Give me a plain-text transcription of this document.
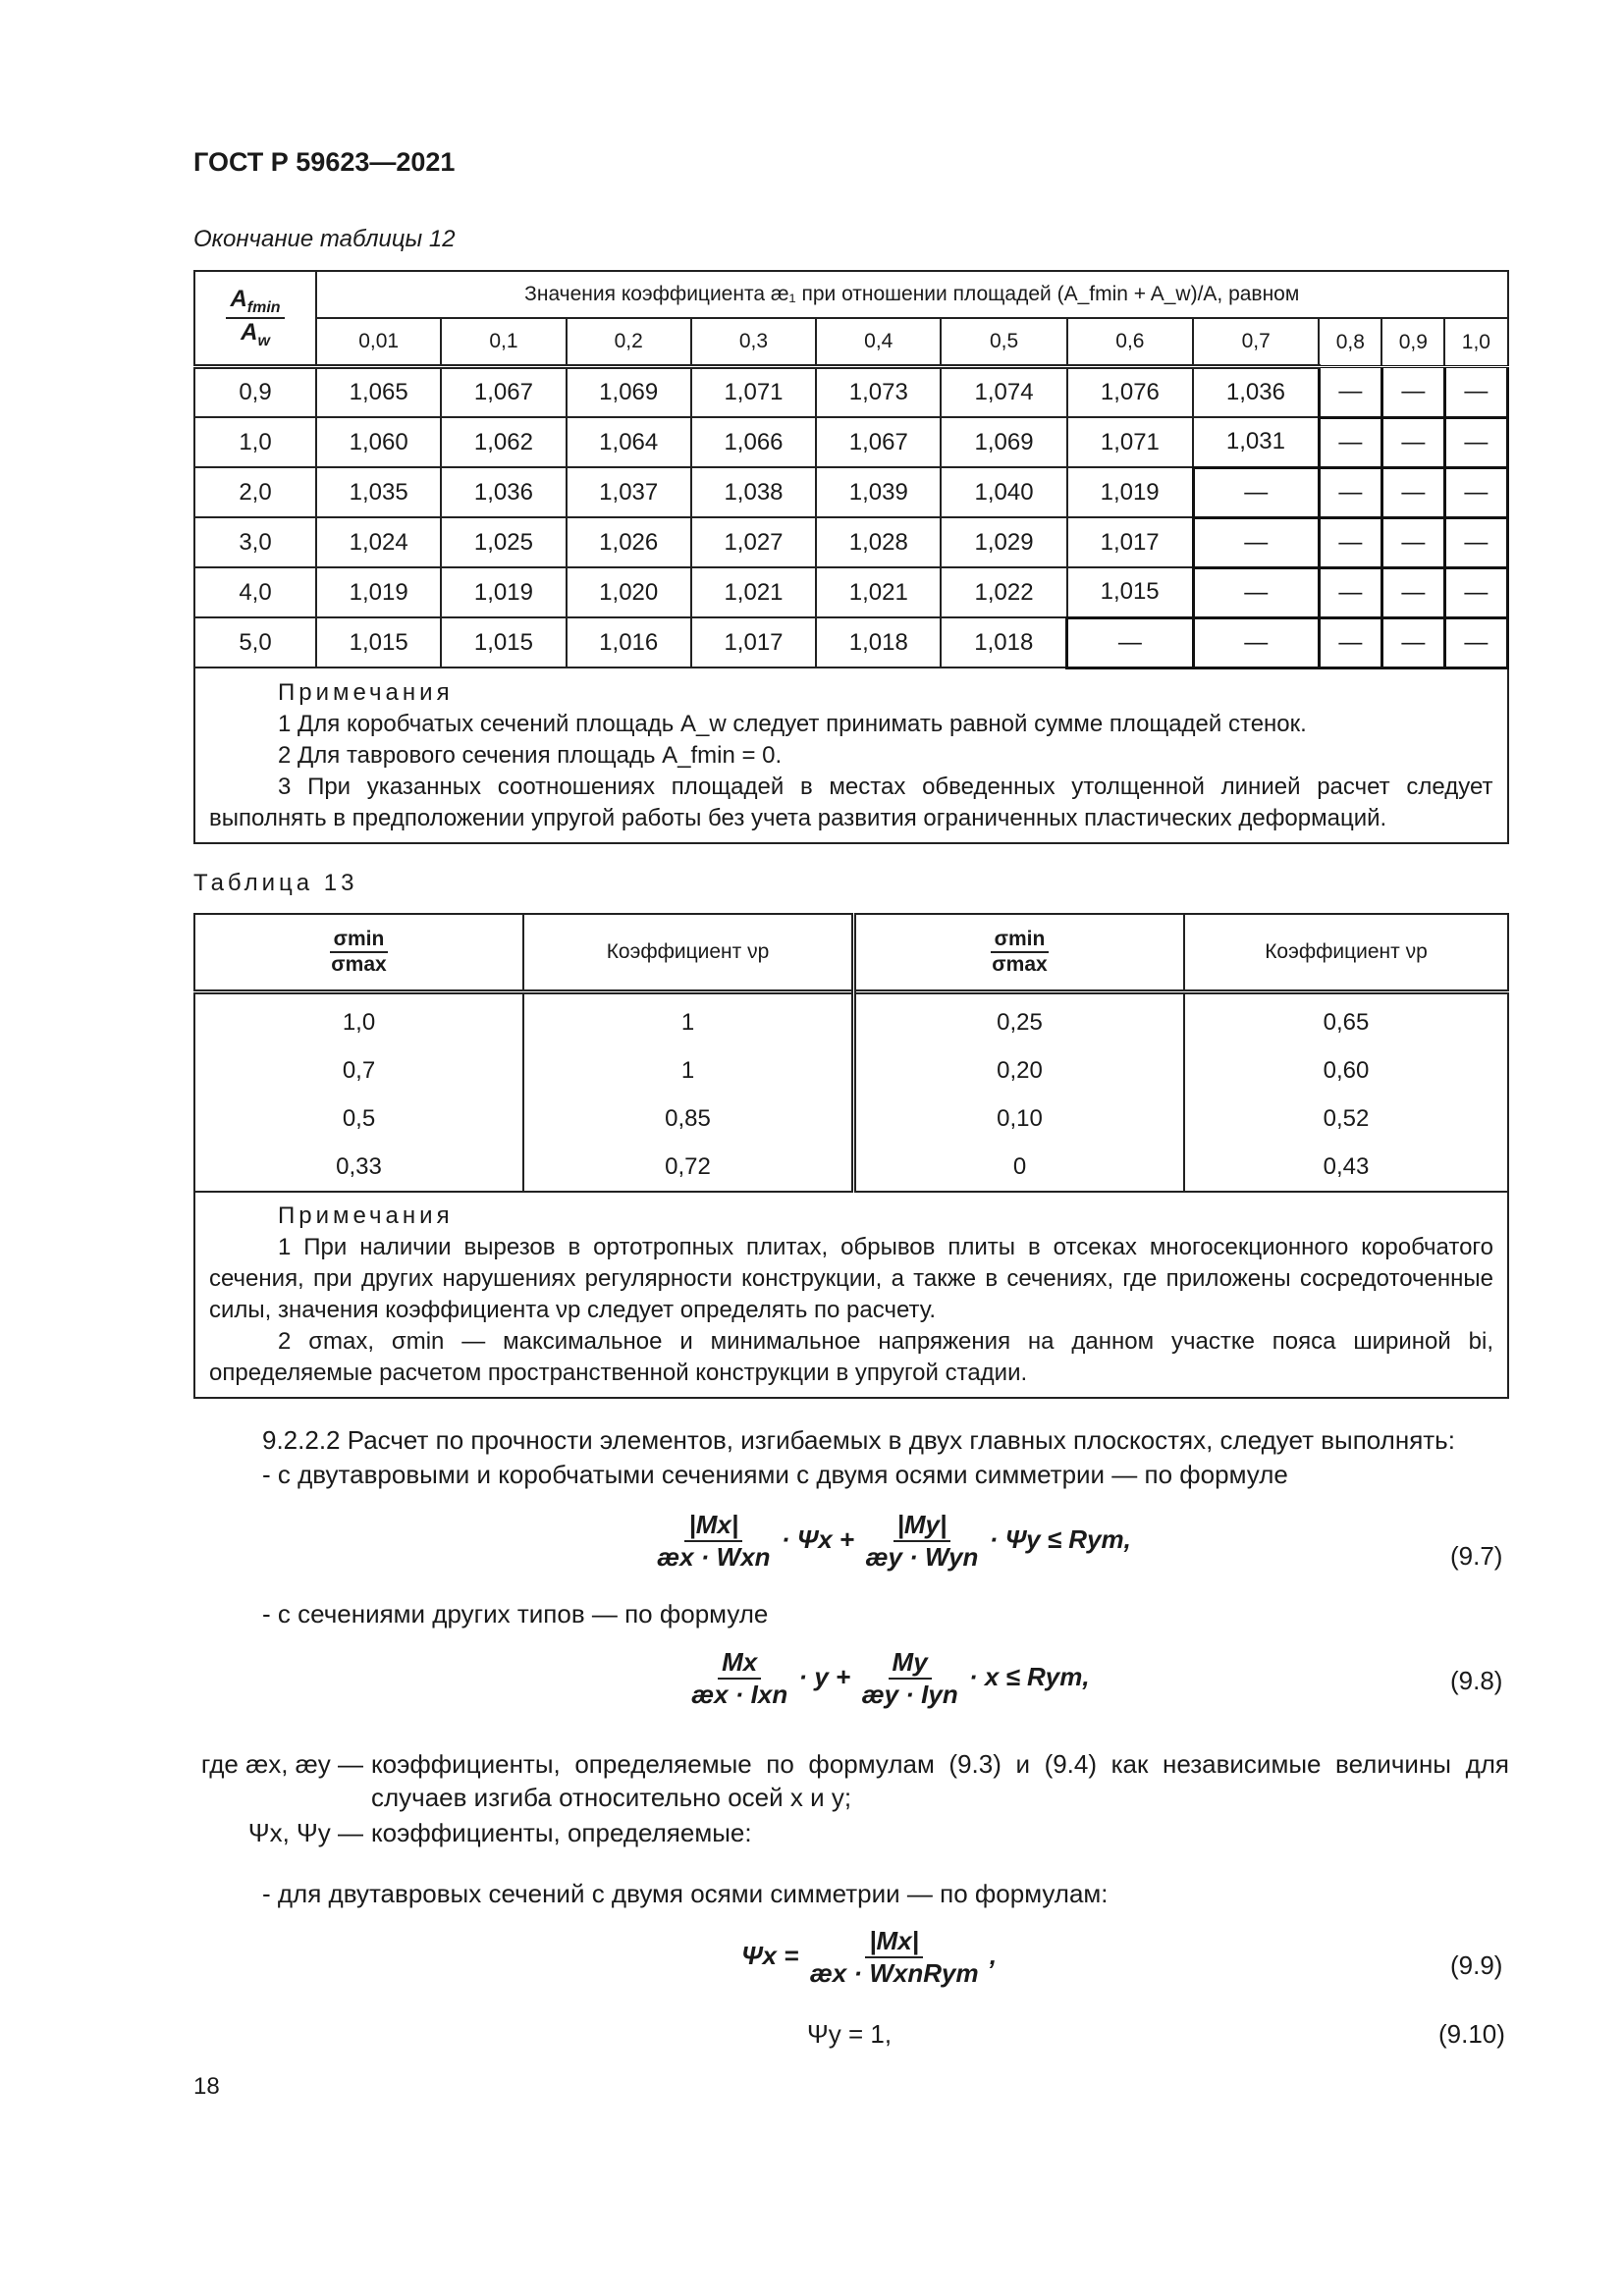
ГОСТ Р 59623—2021
Окончание таблицы 12
$\frac{A_{fmin}}{A_w}$	Значения коэффициента æ₁ при отношении площадей (A_fmin + A_w)/A, равном										
	0,01	0,1	0,2	0,3	0,4	0,5	0,6	0,7	0,8	0,9	1,0
0,9	1,065	1,067	1,069	1,071	1,073	1,074	1,076	1,036	—	—	—
1,0	1,060	1,062	1,064	1,066	1,067	1,069	1,071	1,031	—	—	—
2,0	1,035	1,036	1,037	1,038	1,039	1,040	1,019	—	—	—	—
3,0	1,024	1,025	1,026	1,027	1,028	1,029	1,017	—	—	—	—
4,0	1,019	1,019	1,020	1,021	1,021	1,022	1,015	—	—	—	—
5,0	1,015	1,015	1,016	1,017	1,018	1,018	—	—	—	—	—

Примечания
1 Для коробчатых сечений площадь A_w следует принимать равной сумме площадей стенок.
2 Для таврового сечения площадь A_fmin = 0.
3 При указанных соотношениях площадей в местах обведенных утолщенной линией расчет следует выполнять в предположении упругой работы без учета развития ограниченных пластических деформаций.											
Таблица 13
$\frac{\sigma\min}{\sigma\max}$	Коэффициент νp	$\frac{\sigma\min}{\sigma\max}$	Коэффициент νp
1,0	1	0,25	0,65
0,7	1	0,20	0,60
0,5	0,85	0,10	0,52
0,33	0,72	0	0,43

Примечания
1 При наличии вырезов в ортотропных плитах, обрывов плиты в отсеках многосекционного коробчатого сечения, при других нарушениях регулярности конструкции, а также в сечениях, где приложены сосредоточенные силы, значения коэффициента νp следует определять по расчету.
2 σmax, σmin — максимальное и минимальное напряжения на данном участке пояса шириной bi, определяемые расчетом пространственной конструкции в упругой стадии.			
9.2.2.2 Расчет по прочности элементов, изгибаемых в двух главных плоскостях, следует выполнять:
- с двутавровыми и коробчатыми сечениями с двумя осями симметрии — по формуле
$\frac{|Mx|}{\text{æx · Wxn}} \cdot \Psi x + \frac{|My|}{\text{æy · Wyn}} \cdot \Psi y$ ≤ Rym,
(9.7)
- с сечениями других типов — по формуле
$\frac{Mx}{\text{æx · Ixn}} \cdot y + \frac{My}{\text{æy · Iyn}} \cdot x$ ≤ Rym,	(9.8)
где æx, æy — коэффициенты, определяемые по формулам (9.3) и (9.4) как независимые величины для случаев изгиба относительно осей x и y;
Ψx, Ψy — коэффициенты, определяемые:
- для двутавровых сечений с двумя осями симметрии — по формулам:
$\Psi x = \frac{|Mx|}{\text{æx · WxnRym}}$ ,	(9.9)
Ψy = 1,	(9.10)
18
